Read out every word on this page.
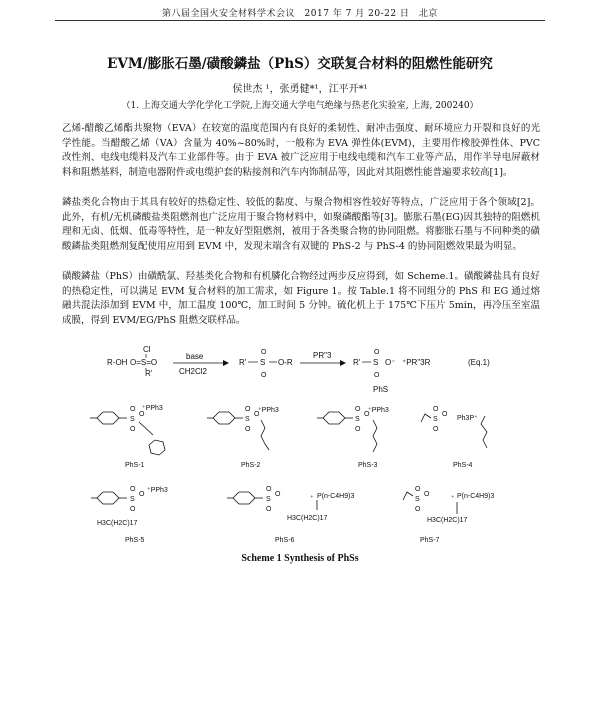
第八届全国火安全材料学术会议　2017 年 7 月 20-22 日　北京
EVM/膨胀石墨/磺酸鏻盐（PhS）交联复合材料的阻燃性能研究
侯世杰 ¹，张勇健*¹，江平开*¹
（1. 上海交通大学化学化工学院,上海交通大学电气绝缘与热老化实验室, 上海, 200240）

乙烯-醋酸乙烯酯共聚物（EVA）在较宽的温度范围内有良好的柔韧性、耐冲击强度、耐环境应力开裂和良好的光学性能。当醋酸乙烯（VA）含量为 40%~80%时，一般称为 EVA 弹性体(EVM)，主要用作橡胶弹性体、PVC 改性剂、电线电缆料及汽车工业部件等。由于 EVA 被广泛应用于电线电缆和汽车工业等产品，用作半导电屏蔽材料和阻燃基料，制造电器附件或电缆护套的粘接剂和汽车内饰制品等，因此对其阻燃性能普遍要求较高[1]。

鏻盐类化合物由于其具有较好的热稳定性、较低的黏度、与聚合物相容性较好等特点，广泛应用于各个领域[2]。此外，有机/无机磷酸盐类阻燃剂也广泛应用于聚合物材料中，如聚磷酸酯等[3]。膨胀石墨(EG)因其独特的阻燃机理和无卤、低烟、低毒等特性，是一种友好型阻燃剂，被用于各类聚合物的协同阻燃。将膨胀石墨与不同种类的磺酸鏻盐类阻燃剂复配使用应用到 EVM 中，发现末端含有双键的 PhS-2 与 PhS-4 的协同阻燃效果最为明显。

磺酸鏻盐（PhS）由磺酰氯、羟基类化合物和有机膦化合物经过两步反应得到，如 Scheme.1。磺酸鏻盐具有良好的热稳定性，可以满足 EVM 复合材料的加工需求，如 Figure 1。按 Table.1 将不同组分的 PhS 和 EG 通过熔融共混法添加到 EVM 中，加工温度 100℃，加工时间 5 分钟。硫化机上于 175℃下压片 5min，再冷压至室温成膜，得到 EVM/EG/PhS 阻燃交联样品。

R-OH
Cl
O=S=O
R'
base
CH2Cl2
R' S
O
O
O-R
PR"3
R' S
O
O
O⁻ ⁺PR"3R	(Eq.1)
PhS
S
O
O
O
⁺PPh3
S
O
O
O
⁺PPh3
S
O
O
O
⁺PPh3
S
O
O
O
Ph3P⁺
PhS-1	PhS-2	PhS-3	PhS-4
S
O
O
O
⁺PPh3
H3C(H2C)17
S
O
O
O
⁺ P(n-C4H9)3
H3C(H2C)17
S
O
O
O
⁺ P(n-C4H9)3
H3C(H2C)17
PhS-5	PhS-6	PhS-7
Scheme 1 Synthesis of PhSs
